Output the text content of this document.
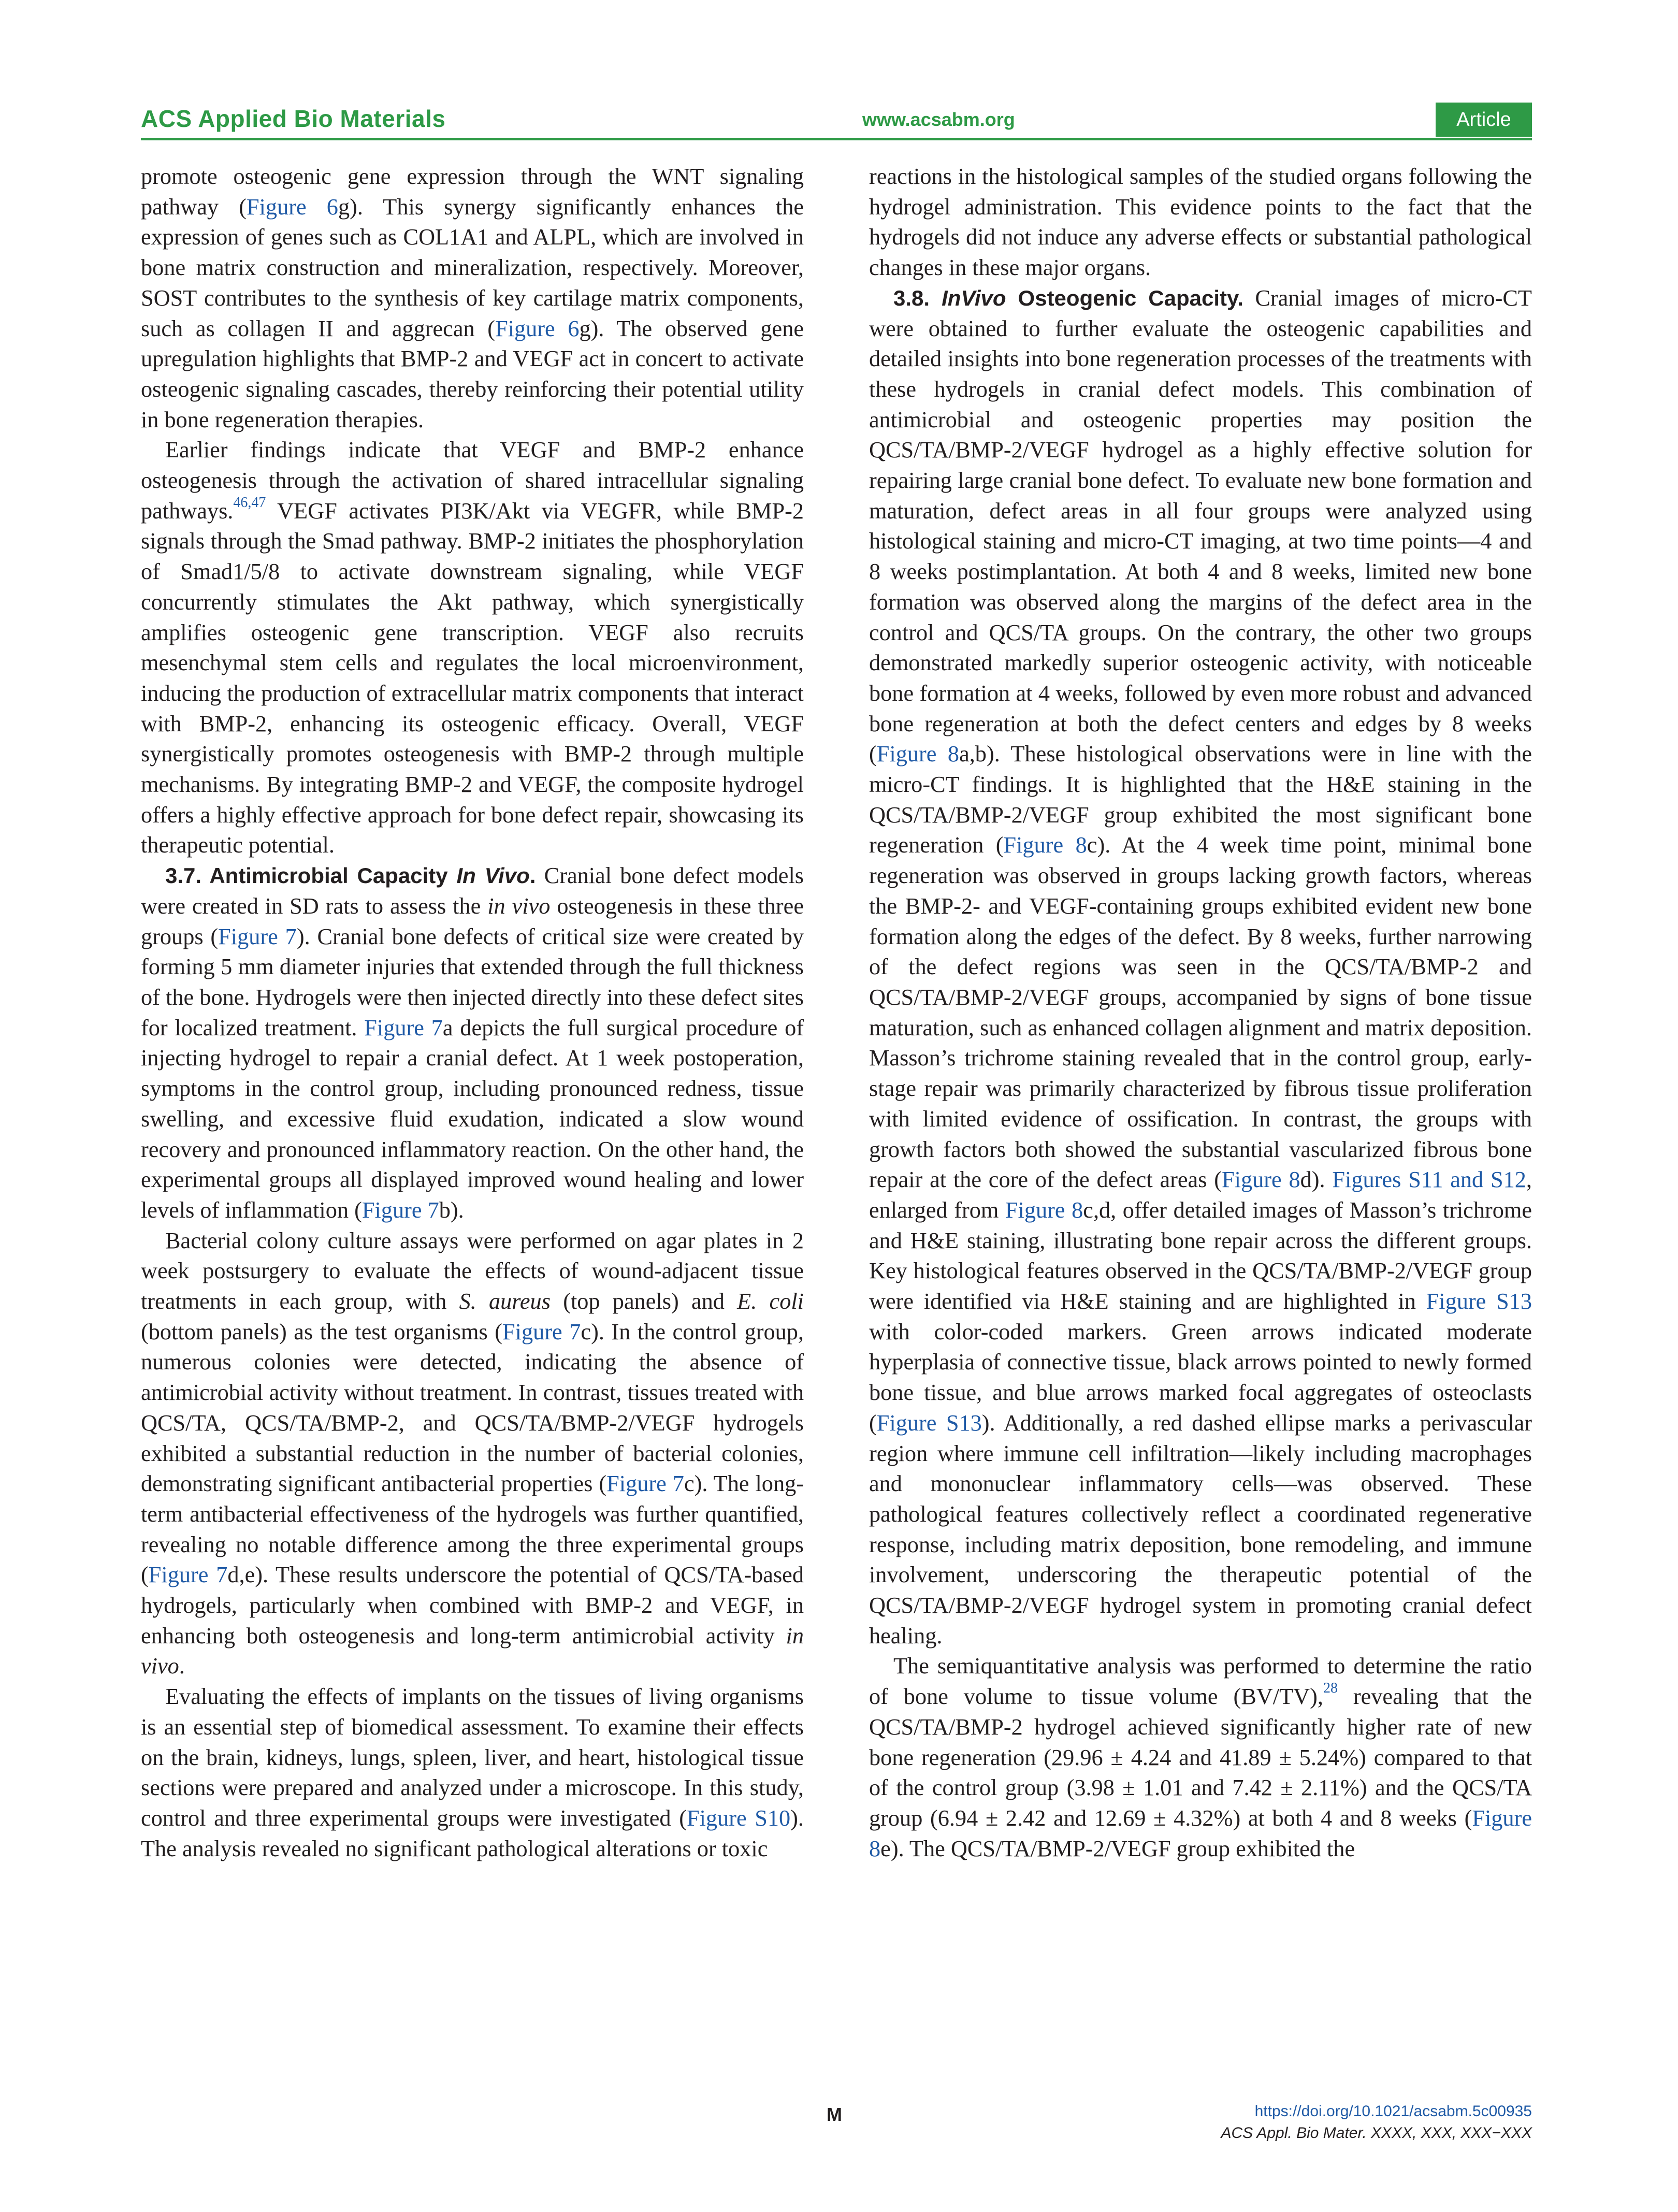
ACS Applied Bio Materials	www.acsabm.org	Article

promote osteogenic gene expression through the WNT signaling pathway (Figure 6g). This synergy significantly enhances the expression of genes such as COL1A1 and ALPL, which are involved in bone matrix construction and mineralization, respectively. Moreover, SOST contributes to the synthesis of key cartilage matrix components, such as collagen II and aggrecan (Figure 6g). The observed gene upregulation highlights that BMP-2 and VEGF act in concert to activate osteogenic signaling cascades, thereby reinforcing their potential utility in bone regeneration therapies.

Earlier findings indicate that VEGF and BMP-2 enhance osteogenesis through the activation of shared intracellular signaling pathways.$^{46,47}$ VEGF activates PI3K/Akt via VEGFR, while BMP-2 signals through the Smad pathway. BMP-2 initiates the phosphorylation of Smad1/5/8 to activate downstream signaling, while VEGF concurrently stimulates the Akt pathway, which synergistically amplifies osteogenic gene transcription. VEGF also recruits mesenchymal stem cells and regulates the local microenvironment, inducing the production of extracellular matrix components that interact with BMP-2, enhancing its osteogenic efficacy. Overall, VEGF synergistically promotes osteogenesis with BMP-2 through multiple mechanisms. By integrating BMP-2 and VEGF, the composite hydrogel offers a highly effective approach for bone defect repair, showcasing its therapeutic potential.

3.7. Antimicrobial Capacity In Vivo. Cranial bone defect models were created in SD rats to assess the in vivo osteogenesis in these three groups (Figure 7). Cranial bone defects of critical size were created by forming 5 mm diameter injuries that extended through the full thickness of the bone. Hydrogels were then injected directly into these defect sites for localized treatment. Figure 7a depicts the full surgical procedure of injecting hydrogel to repair a cranial defect. At 1 week postoperation, symptoms in the control group, including pronounced redness, tissue swelling, and excessive fluid exudation, indicated a slow wound recovery and pronounced inflammatory reaction. On the other hand, the experimental groups all displayed improved wound healing and lower levels of inflammation (Figure 7b).

Bacterial colony culture assays were performed on agar plates in 2 week postsurgery to evaluate the effects of wound-adjacent tissue treatments in each group, with S. aureus (top panels) and E. coli (bottom panels) as the test organisms (Figure 7c). In the control group, numerous colonies were detected, indicating the absence of antimicrobial activity without treatment. In contrast, tissues treated with QCS/TA, QCS/TA/BMP-2, and QCS/TA/BMP-2/VEGF hydrogels exhibited a substantial reduction in the number of bacterial colonies, demonstrating significant antibacterial properties (Figure 7c). The long-term antibacterial effectiveness of the hydrogels was further quantified, revealing no notable difference among the three experimental groups (Figure 7d,e). These results underscore the potential of QCS/TA-based hydrogels, particularly when combined with BMP-2 and VEGF, in enhancing both osteogenesis and long-term antimicrobial activity in vivo.

Evaluating the effects of implants on the tissues of living organisms is an essential step of biomedical assessment. To examine their effects on the brain, kidneys, lungs, spleen, liver, and heart, histological tissue sections were prepared and analyzed under a microscope. In this study, control and three experimental groups were investigated (Figure S10). The analysis revealed no significant pathological alterations or toxic

reactions in the histological samples of the studied organs following the hydrogel administration. This evidence points to the fact that the hydrogels did not induce any adverse effects or substantial pathological changes in these major organs.

3.8. InVivo Osteogenic Capacity. Cranial images of micro-CT were obtained to further evaluate the osteogenic capabilities and detailed insights into bone regeneration processes of the treatments with these hydrogels in cranial defect models. This combination of antimicrobial and osteogenic properties may position the QCS/TA/BMP-2/VEGF hydrogel as a highly effective solution for repairing large cranial bone defect. To evaluate new bone formation and maturation, defect areas in all four groups were analyzed using histological staining and micro-CT imaging, at two time points—4 and 8 weeks postimplantation. At both 4 and 8 weeks, limited new bone formation was observed along the margins of the defect area in the control and QCS/TA groups. On the contrary, the other two groups demonstrated markedly superior osteogenic activity, with noticeable bone formation at 4 weeks, followed by even more robust and advanced bone regeneration at both the defect centers and edges by 8 weeks (Figure 8a,b). These histological observations were in line with the micro-CT findings. It is highlighted that the H&E staining in the QCS/TA/BMP-2/VEGF group exhibited the most significant bone regeneration (Figure 8c). At the 4 week time point, minimal bone regeneration was observed in groups lacking growth factors, whereas the BMP-2- and VEGF-containing groups exhibited evident new bone formation along the edges of the defect. By 8 weeks, further narrowing of the defect regions was seen in the QCS/TA/BMP-2 and QCS/TA/BMP-2/VEGF groups, accompanied by signs of bone tissue maturation, such as enhanced collagen alignment and matrix deposition. Masson’s trichrome staining revealed that in the control group, early-stage repair was primarily characterized by fibrous tissue proliferation with limited evidence of ossification. In contrast, the groups with growth factors both showed the substantial vascularized fibrous bone repair at the core of the defect areas (Figure 8d). Figures S11 and S12, enlarged from Figure 8c,d, offer detailed images of Masson’s trichrome and H&E staining, illustrating bone repair across the different groups. Key histological features observed in the QCS/TA/BMP-2/VEGF group were identified via H&E staining and are highlighted in Figure S13 with color-coded markers. Green arrows indicated moderate hyperplasia of connective tissue, black arrows pointed to newly formed bone tissue, and blue arrows marked focal aggregates of osteoclasts (Figure S13). Additionally, a red dashed ellipse marks a perivascular region where immune cell infiltration—likely including macrophages and mononuclear inflammatory cells—was observed. These pathological features collectively reflect a coordinated regenerative response, including matrix deposition, bone remodeling, and immune involvement, underscoring the therapeutic potential of the QCS/TA/BMP-2/VEGF hydrogel system in promoting cranial defect healing.

The semiquantitative analysis was performed to determine the ratio of bone volume to tissue volume (BV/TV),$^{28}$ revealing that the QCS/TA/BMP-2 hydrogel achieved significantly higher rate of new bone regeneration (29.96 ± 4.24 and 41.89 ± 5.24%) compared to that of the control group (3.98 ± 1.01 and 7.42 ± 2.11%) and the QCS/TA group (6.94 ± 2.42 and 12.69 ± 4.32%) at both 4 and 8 weeks (Figure 8e). The QCS/TA/BMP-2/VEGF group exhibited the

M	https://doi.org/10.1021/acsabm.5c00935
ACS Appl. Bio Mater. XXXX, XXX, XXX−XXX
